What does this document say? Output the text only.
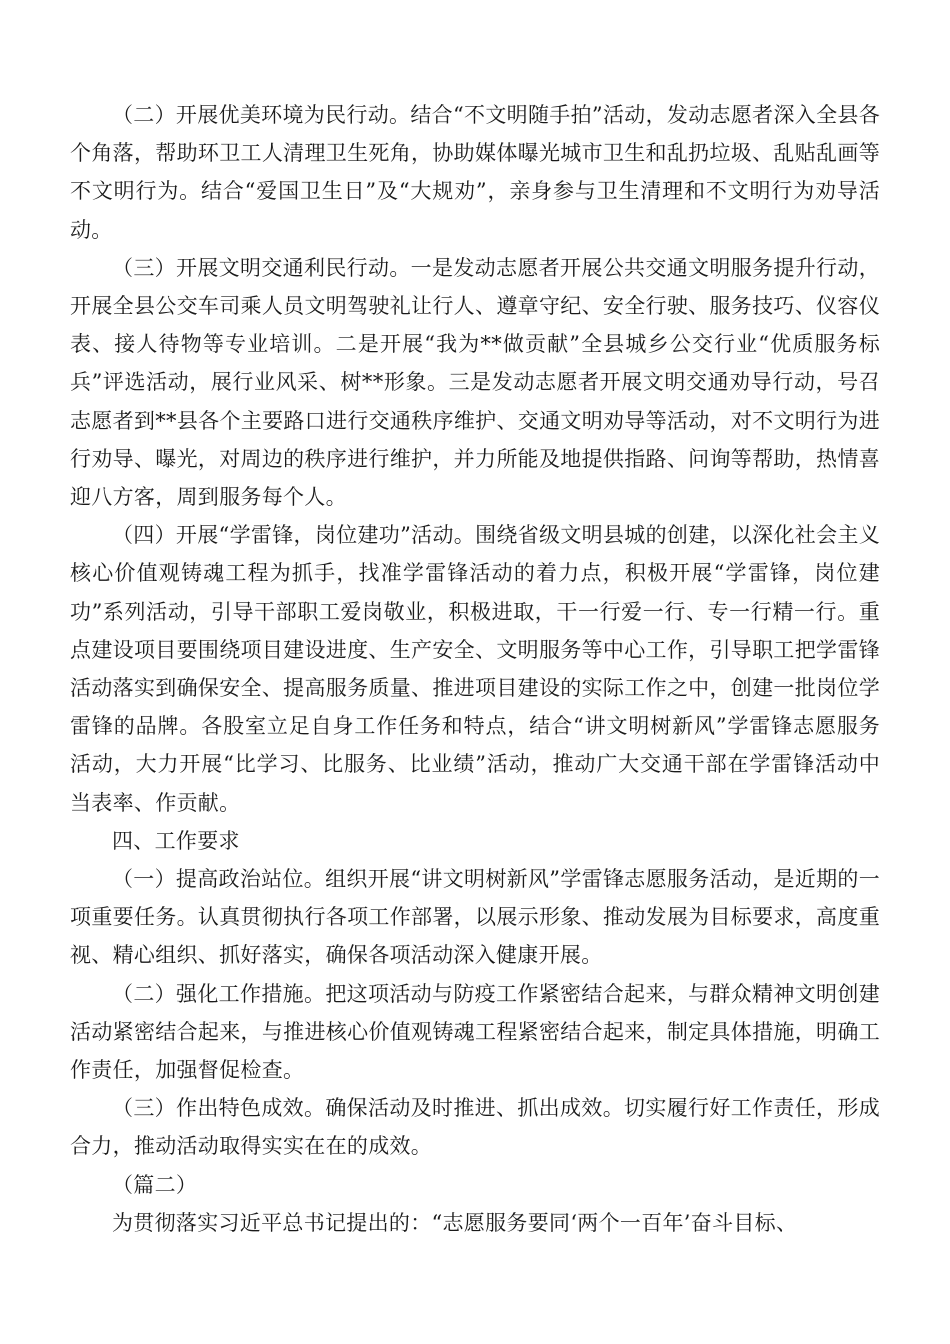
（二）开展优美环境为民行动。结合“不文明随手拍”活动，发动志愿者深入全县各个角落，帮助环卫工人清理卫生死角，协助媒体曝光城市卫生和乱扔垃圾、乱贴乱画等不文明行为。结合“爱国卫生日”及“大规劝”，亲身参与卫生清理和不文明行为劝导活动。

（三）开展文明交通利民行动。一是发动志愿者开展公共交通文明服务提升行动，开展全县公交车司乘人员文明驾驶礼让行人、遵章守纪、安全行驶、服务技巧、仪容仪表、接人待物等专业培训。二是开展“我为**做贡献”全县城乡公交行业“优质服务标兵”评选活动，展行业风采、树**形象。三是发动志愿者开展文明交通劝导行动，号召志愿者到**县各个主要路口进行交通秩序维护、交通文明劝导等活动，对不文明行为进行劝导、曝光，对周边的秩序进行维护，并力所能及地提供指路、问询等帮助，热情喜迎八方客，周到服务每个人。

（四）开展“学雷锋，岗位建功”活动。围绕省级文明县城的创建，以深化社会主义核心价值观铸魂工程为抓手，找准学雷锋活动的着力点，积极开展“学雷锋，岗位建功”系列活动，引导干部职工爱岗敬业，积极进取，干一行爱一行、专一行精一行。重点建设项目要围绕项目建设进度、生产安全、文明服务等中心工作，引导职工把学雷锋活动落实到确保安全、提高服务质量、推进项目建设的实际工作之中，创建一批岗位学雷锋的品牌。各股室立足自身工作任务和特点，结合“讲文明树新风”学雷锋志愿服务活动，大力开展“比学习、比服务、比业绩”活动，推动广大交通干部在学雷锋活动中当表率、作贡献。

四、工作要求

（一）提高政治站位。组织开展“讲文明树新风”学雷锋志愿服务活动，是近期的一项重要任务。认真贯彻执行各项工作部署，以展示形象、推动发展为目标要求，高度重视、精心组织、抓好落实，确保各项活动深入健康开展。

（二）强化工作措施。把这项活动与防疫工作紧密结合起来，与群众精神文明创建活动紧密结合起来，与推进核心价值观铸魂工程紧密结合起来，制定具体措施，明确工作责任，加强督促检查。

（三）作出特色成效。确保活动及时推进、抓出成效。切实履行好工作责任，形成合力，推动活动取得实实在在的成效。

（篇二）

为贯彻落实习近平总书记提出的：“志愿服务要同‘两个一百年’奋斗目标、
